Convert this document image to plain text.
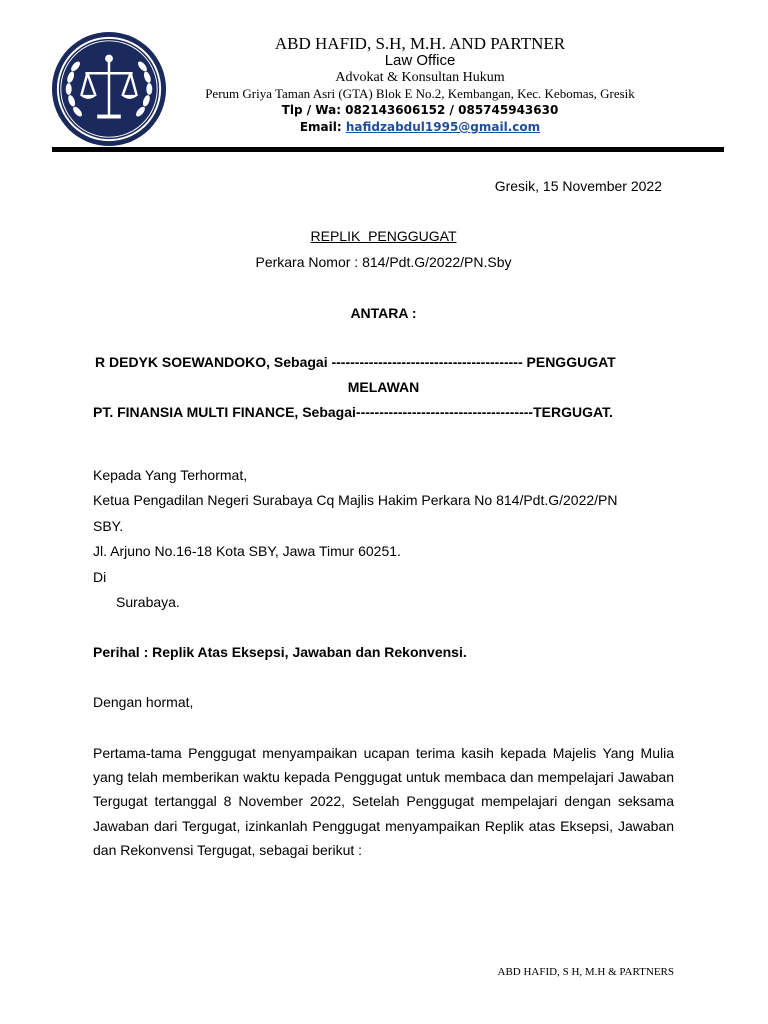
ABD HAFID, S.H, M.H. AND PARTNER
Law Office
Advokat & Konsultan Hukum
Perum Griya Taman Asri (GTA) Blok E No.2, Kembangan, Kec. Kebomas, Gresik
Tlp / Wa: 082143606152 / 085745943630
Email: hafidzabdul1995@gmail.com
Gresik, 15 November 2022
REPLIK  PENGGUGAT
Perkara Nomor : 814/Pdt.G/2022/PN.Sby
ANTARA :
R DEDYK SOEWANDOKO, Sebagai ----------------------------------------- PENGGUGAT
MELAWAN
PT. FINANSIA MULTI FINANCE, Sebagai--------------------------------------TERGUGAT.
Kepada Yang Terhormat,
Ketua Pengadilan Negeri Surabaya Cq Majlis Hakim Perkara No 814/Pdt.G/2022/PN
SBY.
Jl. Arjuno No.16-18 Kota SBY, Jawa Timur 60251.
Di
Surabaya.
Perihal : Replik Atas Eksepsi, Jawaban dan Rekonvensi.
Dengan hormat,
Pertama-tama Penggugat menyampaikan ucapan terima kasih kepada Majelis Yang Mulia yang telah memberikan waktu kepada Penggugat untuk membaca dan mempelajari Jawaban  Tergugat tertanggal 8 November 2022, Setelah Penggugat mempelajari dengan seksama Jawaban dari Tergugat, izinkanlah Penggugat menyampaikan Replik atas Eksepsi, Jawaban dan Rekonvensi Tergugat, sebagai berikut :
ABD HAFID, S H, M.H & PARTNERS
